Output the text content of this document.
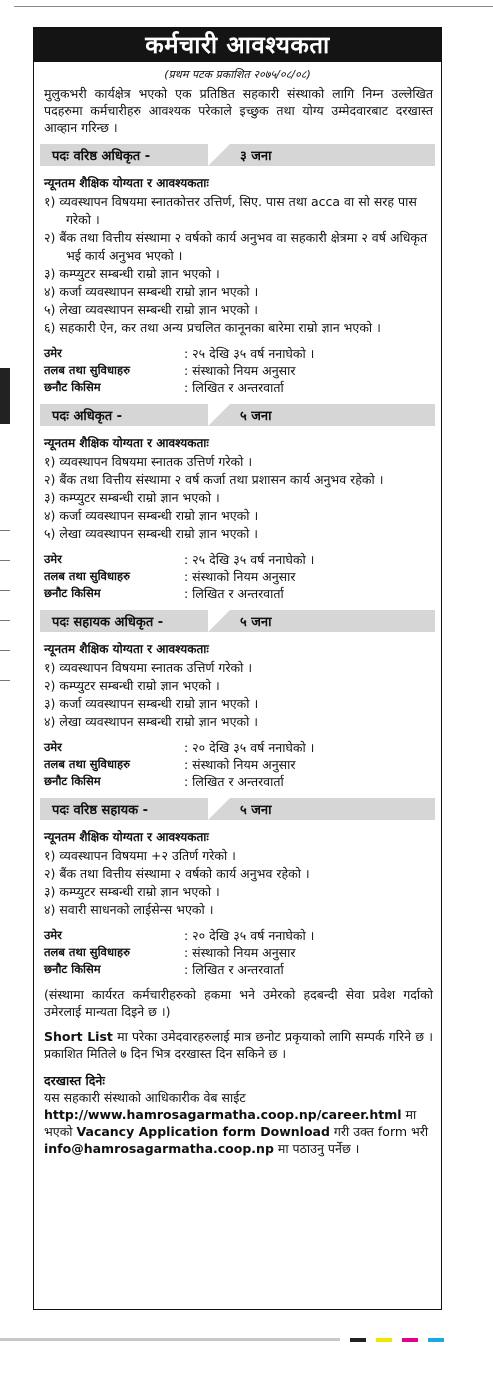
कर्मचारी आवश्यकता
(प्रथम पटक प्रकाशित २०७५/०८/०८)
मुलुकभरी कार्यक्षेत्र भएको एक प्रतिष्ठित सहकारी संस्थाको लागि निम्न उल्लेखित पदहरुमा कर्मचारीहरु आवश्यक परेकाले इच्छुक तथा योग्य उम्मेदवारबाट दरखास्त आव्हान गरिन्छ ।
पदः वरिष्ठ अधिकृत -	३ जना
न्यूनतम शैक्षिक योग्यता र आवश्यकताः
१) व्यवस्थापन विषयमा स्नातकोत्तर उत्तिर्ण, सिए. पास तथा acca वा सो सरह पास गरेको ।
२) बैंक तथा वित्तीय संस्थामा २ वर्षको कार्य अनुभव वा सहकारी क्षेत्रमा २ वर्ष अधिकृत भई कार्य अनुभव भएको ।
३) कम्प्युटर सम्बन्धी राम्रो ज्ञान भएको ।
४) कर्जा व्यवस्थापन सम्बन्धी राम्रो ज्ञान भएको ।
५) लेखा व्यवस्थापन सम्बन्धी राम्रो ज्ञान भएको ।
६) सहकारी ऐन, कर तथा अन्य प्रचलित कानूनका बारेमा राम्रो ज्ञान भएको ।
उमेर	: २५ देखि ३५ वर्ष ननाघेको ।
तलब तथा सुविधाहरु	: संस्थाको नियम अनुसार
छनौट किसिम	: लिखित र अन्तरवार्ता
पदः अधिकृत -	५ जना
न्यूनतम शैक्षिक योग्यता र आवश्यकताः
१) व्यवस्थापन विषयमा स्नातक उत्तिर्ण गरेको ।
२) बैंक तथा वित्तीय संस्थामा २ वर्ष कर्जा तथा प्रशासन कार्य अनुभव रहेको ।
३) कम्प्युटर सम्बन्धी राम्रो ज्ञान भएको ।
४) कर्जा व्यवस्थापन सम्बन्धी राम्रो ज्ञान भएको ।
५) लेखा व्यवस्थापन सम्बन्धी राम्रो ज्ञान भएको ।
उमेर	: २५ देखि ३५ वर्ष ननाघेको ।
तलब तथा सुविधाहरु	: संस्थाको नियम अनुसार
छनौट किसिम	: लिखित र अन्तरवार्ता
पदः सहायक अधिकृत -	५ जना
न्यूनतम शैक्षिक योग्यता र आवश्यकताः
१) व्यवस्थापन विषयमा स्नातक उत्तिर्ण गरेको ।
२) कम्प्युटर सम्बन्धी राम्रो ज्ञान भएको ।
३) कर्जा व्यवस्थापन सम्बन्धी राम्रो ज्ञान भएको ।
४) लेखा व्यवस्थापन सम्बन्धी राम्रो ज्ञान भएको ।
उमेर	: २० देखि ३५ वर्ष ननाघेको ।
तलब तथा सुविधाहरु	: संस्थाको नियम अनुसार
छनौट किसिम	: लिखित र अन्तरवार्ता
पदः वरिष्ठ सहायक -	५ जना
न्यूनतम शैक्षिक योग्यता र आवश्यकताः
१) व्यवस्थापन विषयमा +२ उतिर्ण गरेको ।
२) बैंक तथा वित्तीय संस्थामा २ वर्षको कार्य अनुभव रहेको ।
३) कम्प्युटर सम्बन्धी राम्रो ज्ञान भएको ।
४) सवारी साधनको लाईसेन्स भएको ।
उमेर	: २० देखि ३५ वर्ष ननाघेको ।
तलब तथा सुविधाहरु	: संस्थाको नियम अनुसार
छनौट किसिम	: लिखित र अन्तरवार्ता
(संस्थामा कार्यरत कर्मचारीहरुको हकमा भने उमेरको हदबन्दी सेवा प्रवेश गर्दाको उमेरलाई मान्यता दिइने छ ।)
Short List मा परेका उमेदवारहरुलाई मात्र छनोट प्रकृयाको लागि सम्पर्क गरिने छ । प्रकाशित मितिले ७ दिन भित्र दरखास्त दिन सकिने छ ।
दरखास्त दिनेः
यस सहकारी संस्थाको आधिकारीक वेब साईट
http://www.hamrosagarmatha.coop.np/career.html मा भएको Vacancy Application form Download गरी उक्त form भरी info@hamrosagarmatha.coop.np मा पठाउनु पर्नेछ ।
